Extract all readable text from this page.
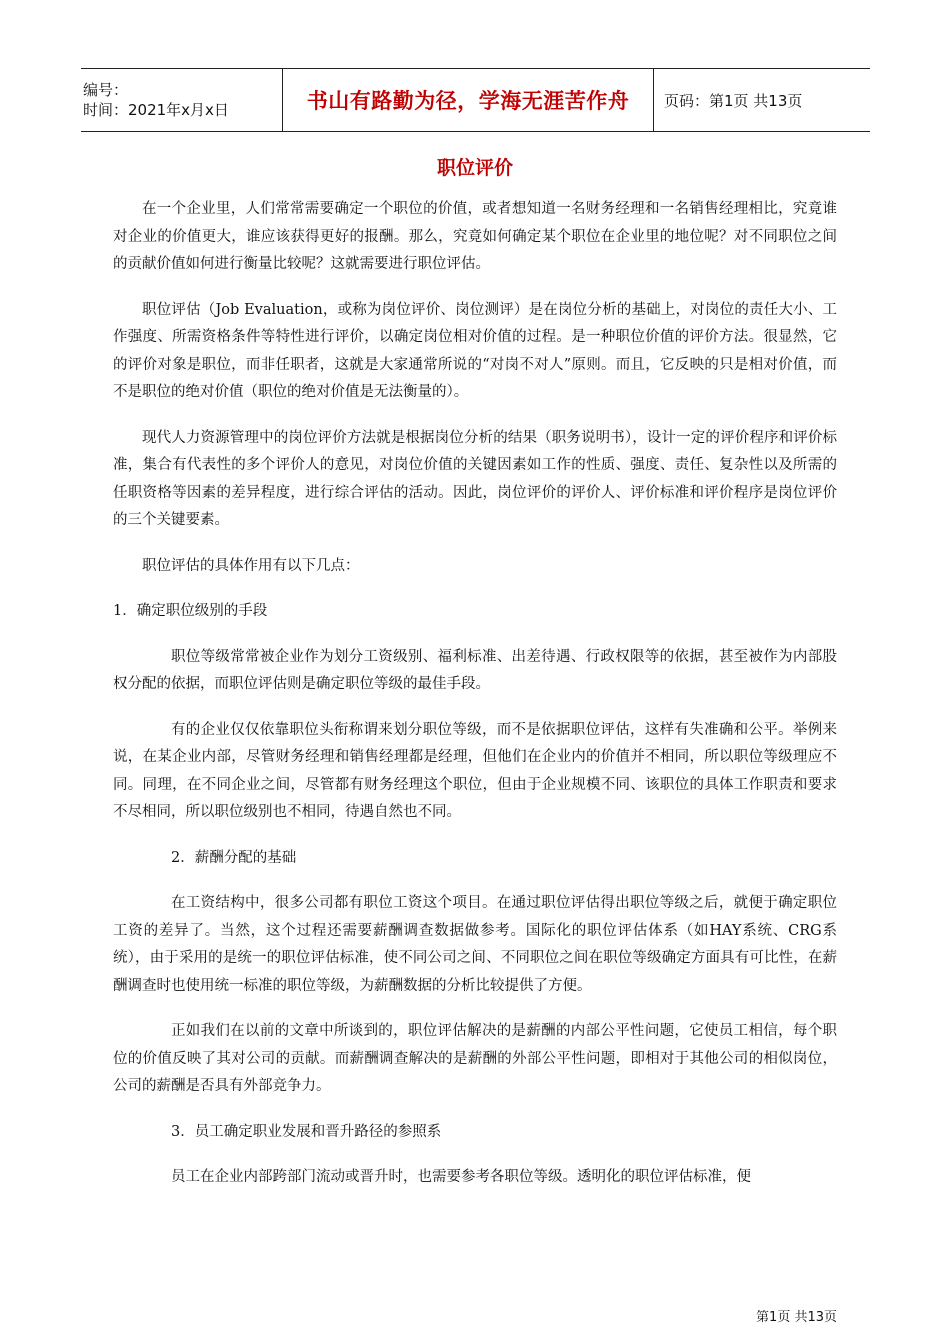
编号：
时间：2021年x月x日	书山有路勤为径，学海无涯苦作舟	页码：第1页 共13页
职位评价

在一个企业里，人们常常需要确定一个职位的价值，或者想知道一名财务经理和一名销售经理相比，究竟谁对企业的价值更大，谁应该获得更好的报酬。那么，究竟如何确定某个职位在企业里的地位呢？对不同职位之间的贡献价值如何进行衡量比较呢？这就需要进行职位评估。

职位评估（Job Evaluation，或称为岗位评价、岗位测评）是在岗位分析的基础上，对岗位的责任大小、工作强度、所需资格条件等特性进行评价，以确定岗位相对价值的过程。是一种职位价值的评价方法。很显然，它的评价对象是职位，而非任职者，这就是大家通常所说的“对岗不对人”原则。而且，它反映的只是相对价值，而不是职位的绝对价值（职位的绝对价值是无法衡量的）。

现代人力资源管理中的岗位评价方法就是根据岗位分析的结果（职务说明书），设计一定的评价程序和评价标准，集合有代表性的多个评价人的意见，对岗位价值的关键因素如工作的性质、强度、责任、复杂性以及所需的任职资格等因素的差异程度，进行综合评估的活动。因此，岗位评价的评价人、评价标准和评价程序是岗位评价的三个关键要素。

职位评估的具体作用有以下几点：

1．确定职位级别的手段

职位等级常常被企业作为划分工资级别、福利标准、出差待遇、行政权限等的依据，甚至被作为内部股权分配的依据，而职位评估则是确定职位等级的最佳手段。

有的企业仅仅依靠职位头衔称谓来划分职位等级，而不是依据职位评估，这样有失准确和公平。举例来说，在某企业内部，尽管财务经理和销售经理都是经理，但他们在企业内的价值并不相同，所以职位等级理应不同。同理，在不同企业之间，尽管都有财务经理这个职位，但由于企业规模不同、该职位的具体工作职责和要求不尽相同，所以职位级别也不相同，待遇自然也不同。

2．薪酬分配的基础

在工资结构中，很多公司都有职位工资这个项目。在通过职位评估得出职位等级之后，就便于确定职位工资的差异了。当然，这个过程还需要薪酬调查数据做参考。国际化的职位评估体系（如HAY系统、CRG系统），由于采用的是统一的职位评估标准，使不同公司之间、不同职位之间在职位等级确定方面具有可比性，在薪酬调查时也使用统一标准的职位等级，为薪酬数据的分析比较提供了方便。

正如我们在以前的文章中所谈到的，职位评估解决的是薪酬的内部公平性问题，它使员工相信，每个职位的价值反映了其对公司的贡献。而薪酬调查解决的是薪酬的外部公平性问题，即相对于其他公司的相似岗位，公司的薪酬是否具有外部竞争力。

3．员工确定职业发展和晋升路径的参照系

员工在企业内部跨部门流动或晋升时，也需要参考各职位等级。透明化的职位评估标准，便

第1页 共13页
